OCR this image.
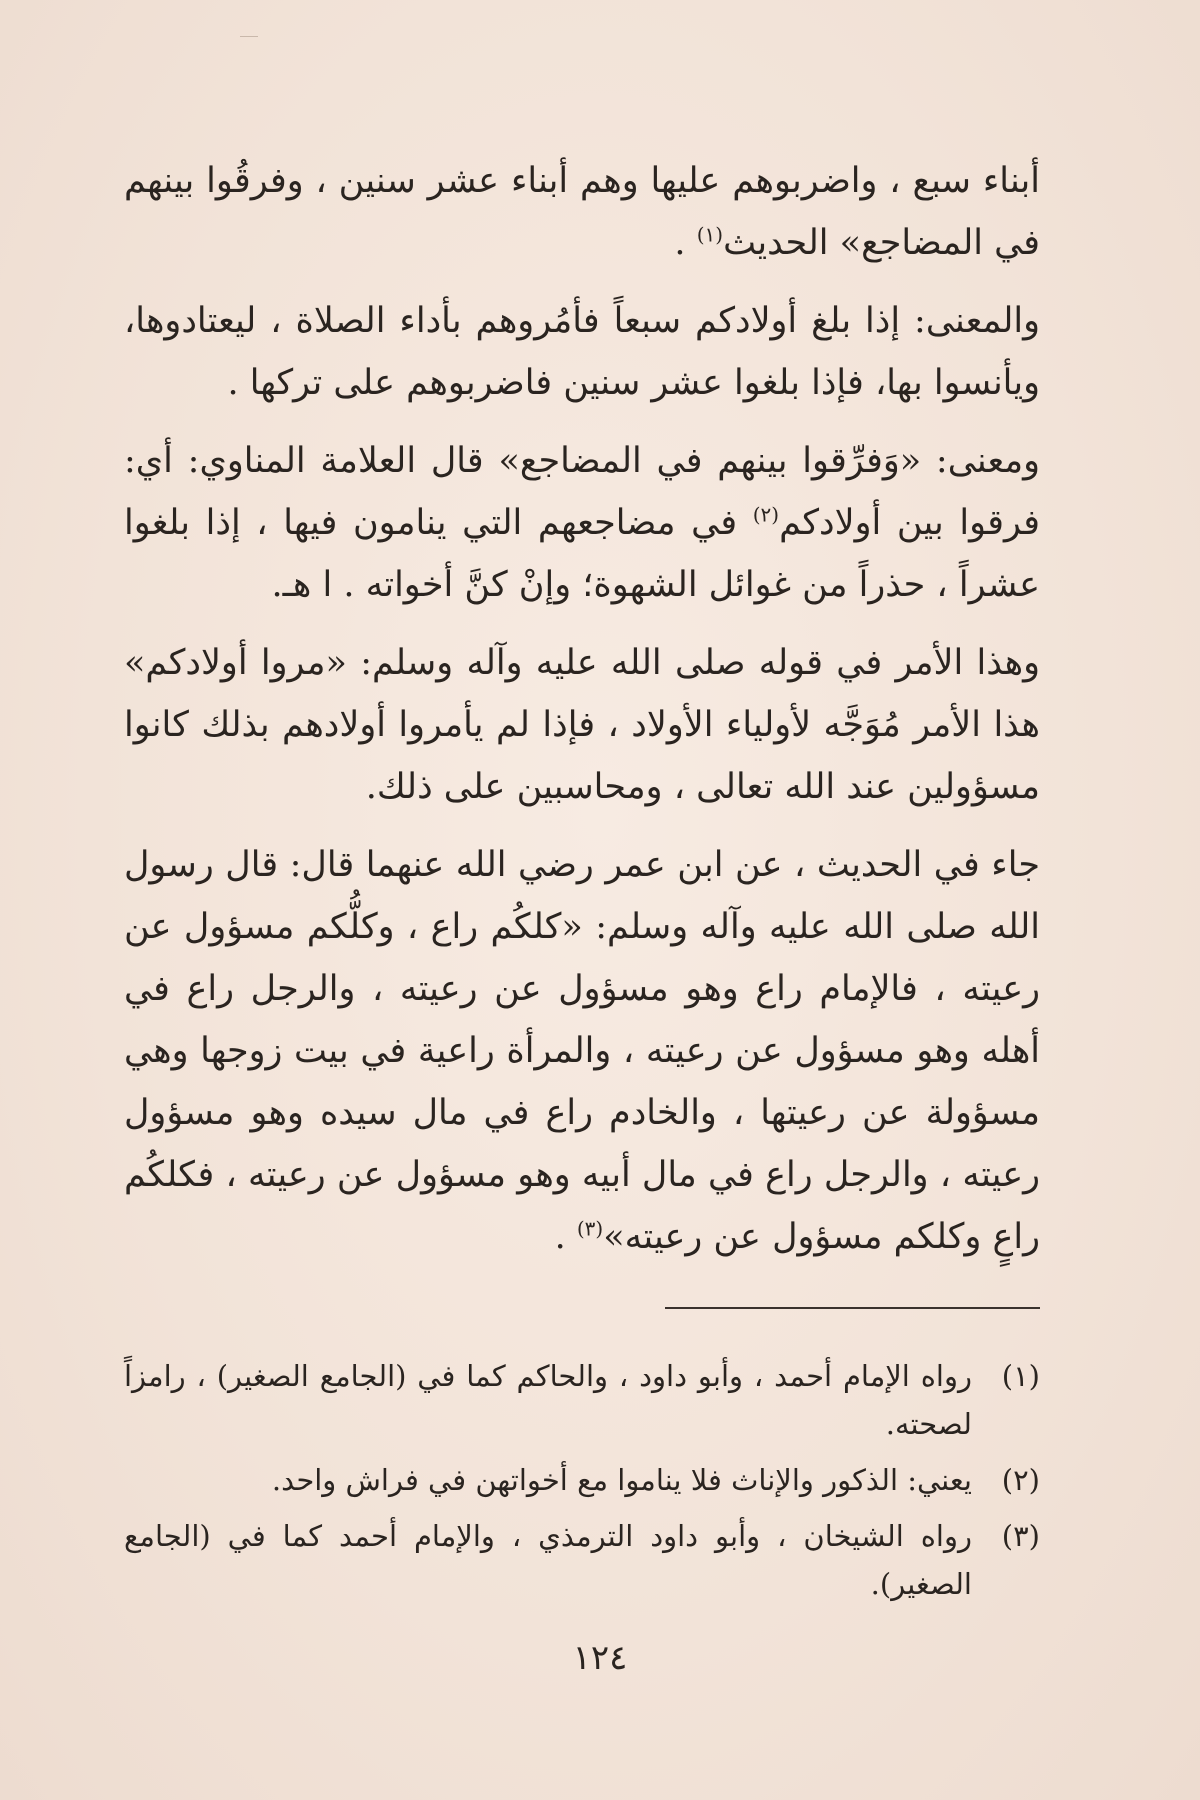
أبناء سبع ، واضربوهم عليها وهم أبناء عشر سنين ، وفرقُوا بينهم في المضاجع» الحديث$^{(١)}$ .

والمعنى: إذا بلغ أولادكم سبعاً فأمُروهم بأداء الصلاة ، ليعتادوها، ويأنسوا بها، فإذا بلغوا عشر سنين فاضربوهم على تركها .

ومعنى: «وَفرِّقوا بينهم في المضاجع» قال العلامة المناوي: أي: فرقوا بين أولادكم$^{(٢)}$ في مضاجعهم التي ينامون فيها ، إذا بلغوا عشراً ، حذراً من غوائل الشهوة؛ وإنْ كنَّ أخواته . ا هـ.

وهذا الأمر في قوله صلى الله عليه وآله وسلم: «مروا أولادكم» هذا الأمر مُوَجَّه لأولياء الأولاد ، فإذا لم يأمروا أولادهم بذلك كانوا مسؤولين عند الله تعالى ، ومحاسبين على ذلك.

جاء في الحديث ، عن ابن عمر رضي الله عنهما قال: قال رسول الله صلى الله عليه وآله وسلم: «كلكُم راع ، وكلُّكم مسؤول عن رعيته ، فالإمام راع وهو مسؤول عن رعيته ، والرجل راع في أهله وهو مسؤول عن رعيته ، والمرأة راعية في بيت زوجها وهي مسؤولة عن رعيتها ، والخادم راع في مال سيده وهو مسؤول رعيته ، والرجل راع في مال أبيه وهو مسؤول عن رعيته ، فكلكُم راعٍ وكلكم مسؤول عن رعيته»$^{(٣)}$ .

(١)
رواه الإمام أحمد ، وأبو داود ، والحاكم كما في (الجامع الصغير) ، رامزاً لصحته.

(٢)
يعني: الذكور والإناث فلا يناموا مع أخواتهن في فراش واحد.

(٣)
رواه الشيخان ، وأبو داود الترمذي ، والإمام أحمد كما في (الجامع الصغير).

١٢٤
